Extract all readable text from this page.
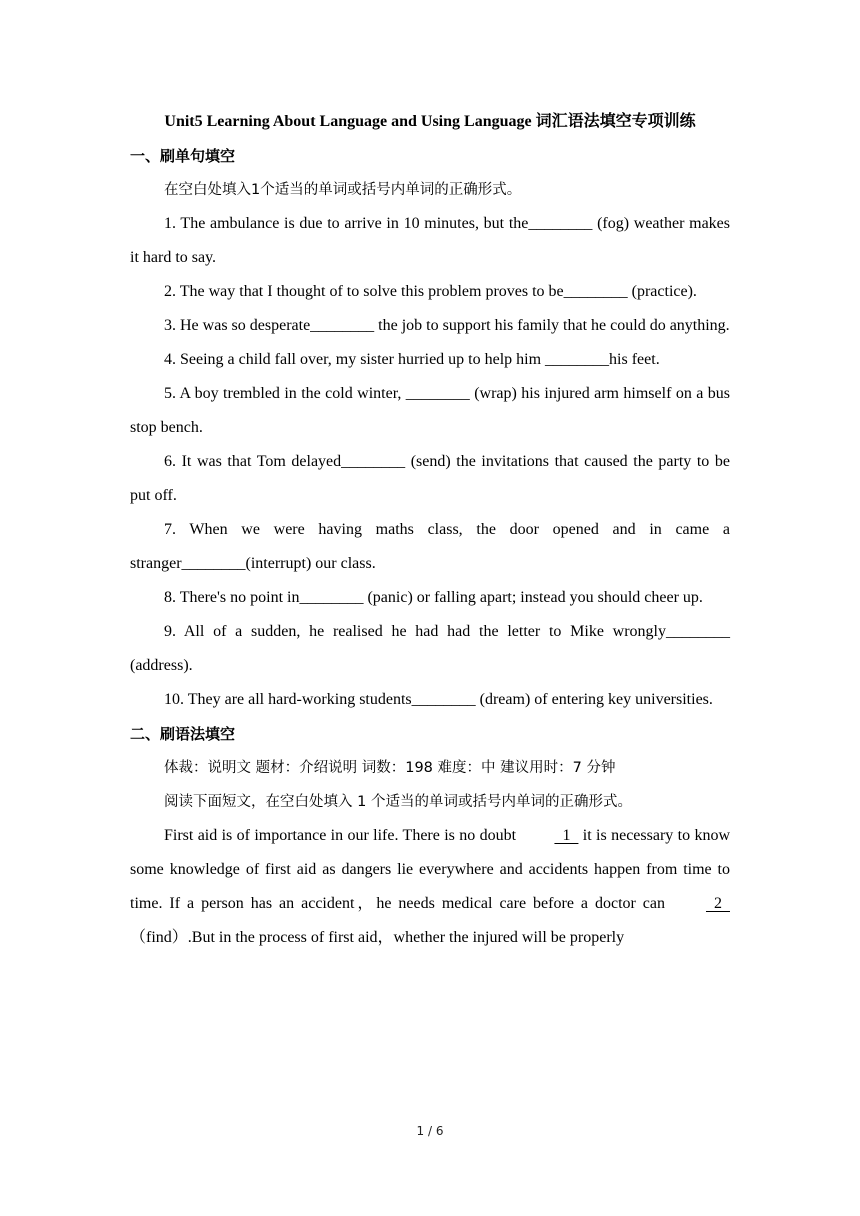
Unit5 Learning About Language and Using Language 词汇语法填空专项训练

一、刷单句填空

在空白处填入1个适当的单词或括号内单词的正确形式。

1. The ambulance is due to arrive in 10 minutes, but the________ (fog) weather makes it hard to say.

2. The way that I thought of to solve this problem proves to be________ (practice).

3. He was so desperate________ the job to support his family that he could do anything.

4. Seeing a child fall over, my sister hurried up to help him ________his feet.

5. A boy trembled in the cold winter, ________ (wrap) his injured arm himself on a bus stop bench.

6. It was that Tom delayed________ (send) the invitations that caused the party to be put off.

7. When we were having maths class, the door opened and in came a stranger________(interrupt) our class.

8. There's no point in________ (panic) or falling apart; instead you should cheer up.

9. All of a sudden, he realised he had had the letter to Mike wrongly________ (address).

10. They are all hard-working students________ (dream) of entering key universities.

二、刷语法填空

体裁：说明文 题材：介绍说明 词数：198 难度：中 建议用时：7 分钟

阅读下面短文，在空白处填入 1 个适当的单词或括号内单词的正确形式。

First aid is of importance in our life. There is no doubt   1   it is necessary to know some knowledge of first aid as dangers lie everywhere and accidents happen from time to time. If a person has an accident，he needs medical care before a doctor can   2  （find）.But in the process of first aid，whether the injured will be properly

1 / 6
